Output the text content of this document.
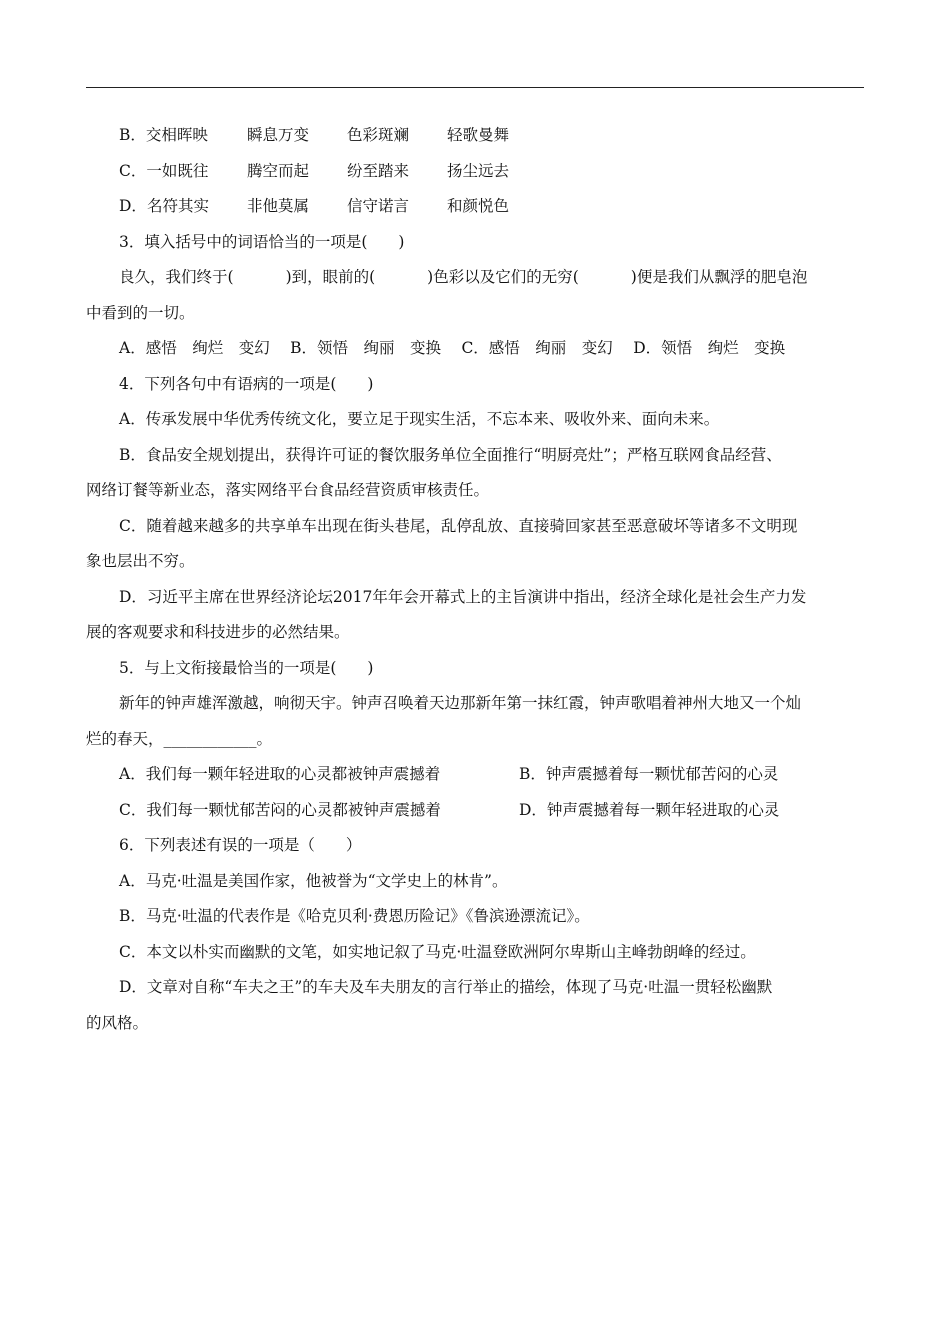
B．交相晖映	瞬息万变 色彩斑斓 轻歌曼舞
C．一如既往 腾空而起 纷至踏来 扬尘远去
D．名符其实 非他莫属 信守诺言 和颜悦色
3．填入括号中的词语恰当的一项是(　　)
良久，我们终于(	)到，眼前的(	)色彩以及它们的无穷(	)便是我们从飘浮的肥皂泡
中看到的一切。
A．感悟　绚烂　变幻　 B．领悟　绚丽　变换　 C．感悟　绚丽　变幻　 D．领悟　绚烂　变换
4．下列各句中有语病的一项是(　　)
A．传承发展中华优秀传统文化，要立足于现实生活，不忘本来、吸收外来、面向未来。
B．食品安全规划提出，获得许可证的餐饮服务单位全面推行“明厨亮灶”；严格互联网食品经营、
网络订餐等新业态，落实网络平台食品经营资质审核责任。
C．随着越来越多的共享单车出现在街头巷尾，乱停乱放、直接骑回家甚至恶意破坏等诸多不文明现
象也层出不穷。
D．习近平主席在世界经济论坛2017年年会开幕式上的主旨演讲中指出，经济全球化是社会生产力发
展的客观要求和科技进步的必然结果。
5．与上文衔接最恰当的一项是(　　)
新年的钟声雄浑激越，响彻天宇。钟声召唤着天边那新年第一抹红霞，钟声歌唱着神州大地又一个灿
烂的春天，____________。
A．我们每一颗年轻进取的心灵都被钟声震撼着	B．钟声震撼着每一颗忧郁苦闷的心灵
C．我们每一颗忧郁苦闷的心灵都被钟声震撼着	D．钟声震撼着每一颗年轻进取的心灵
6．下列表述有误的一项是（　　）
A．马克·吐温是美国作家，他被誉为“文学史上的林肯”。
B．马克·吐温的代表作是《哈克贝利·费恩历险记》《鲁滨逊漂流记》。
C．本文以朴实而幽默的文笔，如实地记叙了马克·吐温登欧洲阿尔卑斯山主峰勃朗峰的经过。
D．文章对自称“车夫之王”的车夫及车夫朋友的言行举止的描绘，体现了马克·吐温一贯轻松幽默
的风格。
